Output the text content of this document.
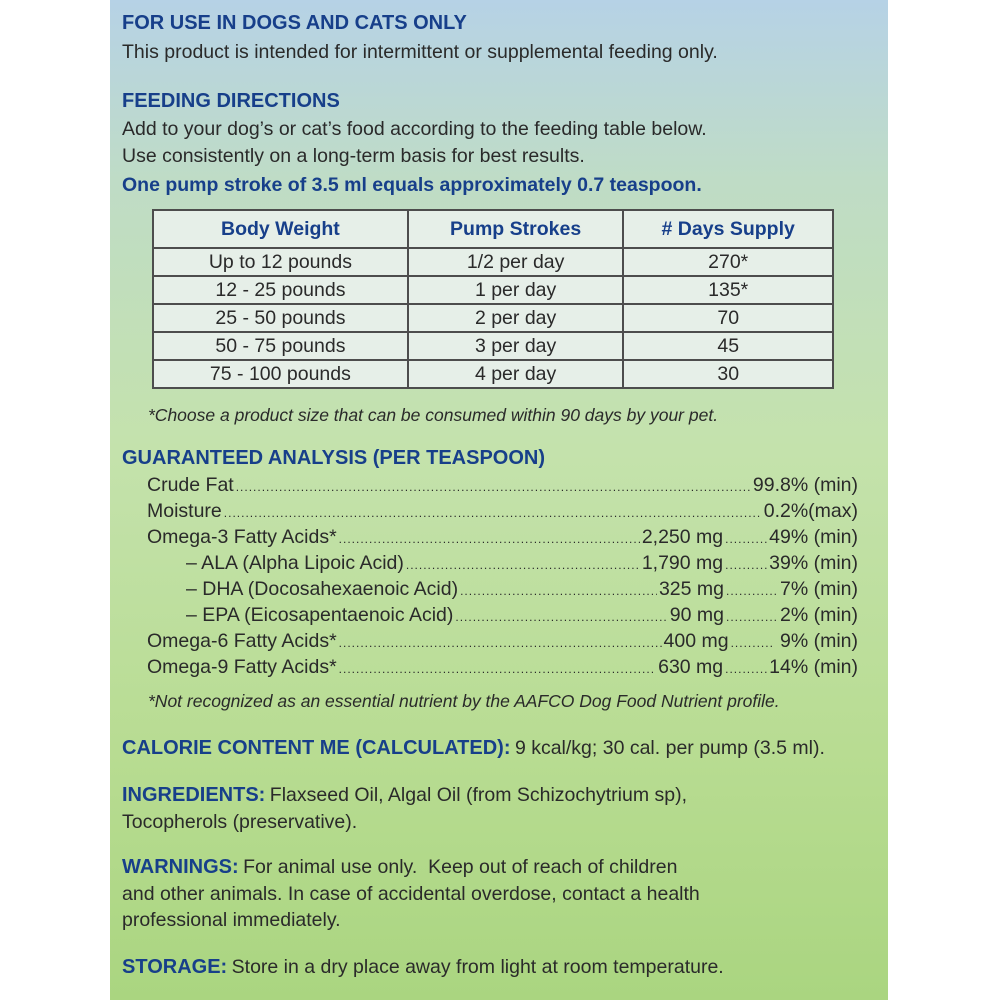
FOR USE IN DOGS AND CATS ONLY
This product is intended for intermittent or supplemental feeding only.
FEEDING DIRECTIONS
Add to your dog’s or cat’s food according to the feeding table below.
Use consistently on a long-term basis for best results.
One pump stroke of 3.5 ml equals approximately 0.7 teaspoon.
Body Weight	Pump Strokes	# Days Supply
Up to 12 pounds	1/2 per day	270*
12 - 25 pounds	1 per day	135*
25 - 50 pounds	2 per day	70
50 - 75 pounds	3 per day	45
75 - 100 pounds	4 per day	30
*Choose a product size that can be consumed within 90 days by your pet.
GUARANTEED ANALYSIS (PER TEASPOON)
Crude Fat .....	99.8% (min)
Moisture .....	0.2%(max)
Omega-3 Fatty Acids* .....	2,250 mg ..... 49% (min)
– ALA (Alpha Lipoic Acid) .....	1,790 mg ..... 39% (min)
– DHA (Docosahexaenoic Acid) .....	325 mg .....	7% (min)
– EPA (Eicosapentaenoic Acid) .....	90 mg .....	2% (min)
Omega-6 Fatty Acids* .....	400 mg ..... 9% (min)
Omega-9 Fatty Acids* .....	630 mg ..... 14% (min)
*Not recognized as an essential nutrient by the AAFCO Dog Food Nutrient profile.
CALORIE CONTENT ME (CALCULATED): 9 kcal/kg; 30 cal. per pump (3.5 ml).
INGREDIENTS: Flaxseed Oil, Algal Oil (from Schizochytrium sp),
Tocopherols (preservative).
WARNINGS: For animal use only.  Keep out of reach of children
and other animals. In case of accidental overdose, contact a health
professional immediately.
STORAGE: Store in a dry place away from light at room temperature.
